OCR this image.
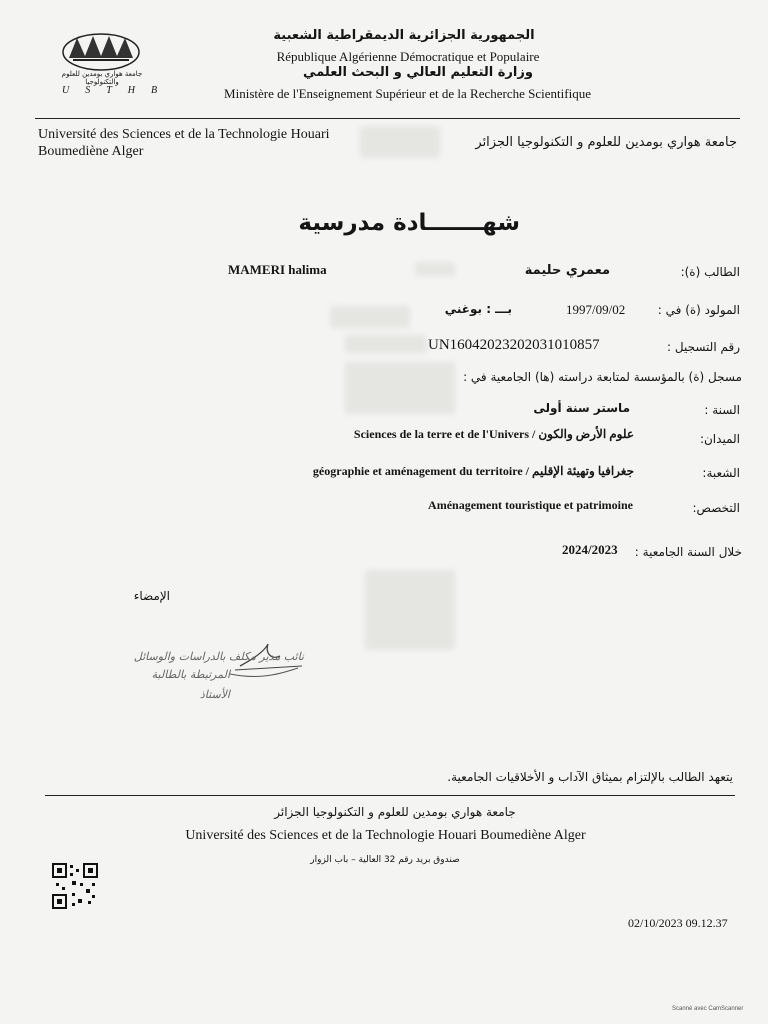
جامعة هواري بومدين للعلوم والتكنولوجيا
USTHB
الجمهورية الجزائرية الديمقراطية الشعبية
République Algérienne Démocratique et Populaire
وزارة التعليم العالي و البحث العلمي
Ministère de l'Enseignement Supérieur et de la Recherche Scientifique
Université des Sciences et de la Technologie Houari
Boumediène Alger
جامعة هواري بومدين للعلوم و التكنولوجيا الجزائر
شهـــــــادة مدرسية
الطالب (ة):
معمري حليمة
MAMERI halima
المولود (ة) في :
1997/09/02
بـــ : بوغني
رقم التسجيل :
UN16042023202031010857
مسجل (ة) بالمؤسسة لمتابعة دراسته (ها) الجامعية في :
السنة :
ماستر سنة أولى
الميدان:
Sciences de la terre et de l'Univers / علوم الأرض والكون
الشعبة:
géographie et aménagement du territoire / جغرافيا وتهيئة الإقليم
التخصص:
Aménagement touristique et patrimoine
خلال السنة الجامعية :
2024/2023
الإمضاء
نائب مدير مكلف بالدراسات والوسائل
المرتبطة بالطالبة
الأستاذ
يتعهد الطالب بالإلتزام بميثاق الآداب و الأخلاقيات الجامعية.
جامعة هواري بومدين للعلوم و التكنولوجيا الجزائر
Université des Sciences et de la Technologie Houari Boumediène Alger
صندوق بريد رقم 32 العالية – باب الزوار
02/10/2023 09.12.37
Scanné avec CamScanner
